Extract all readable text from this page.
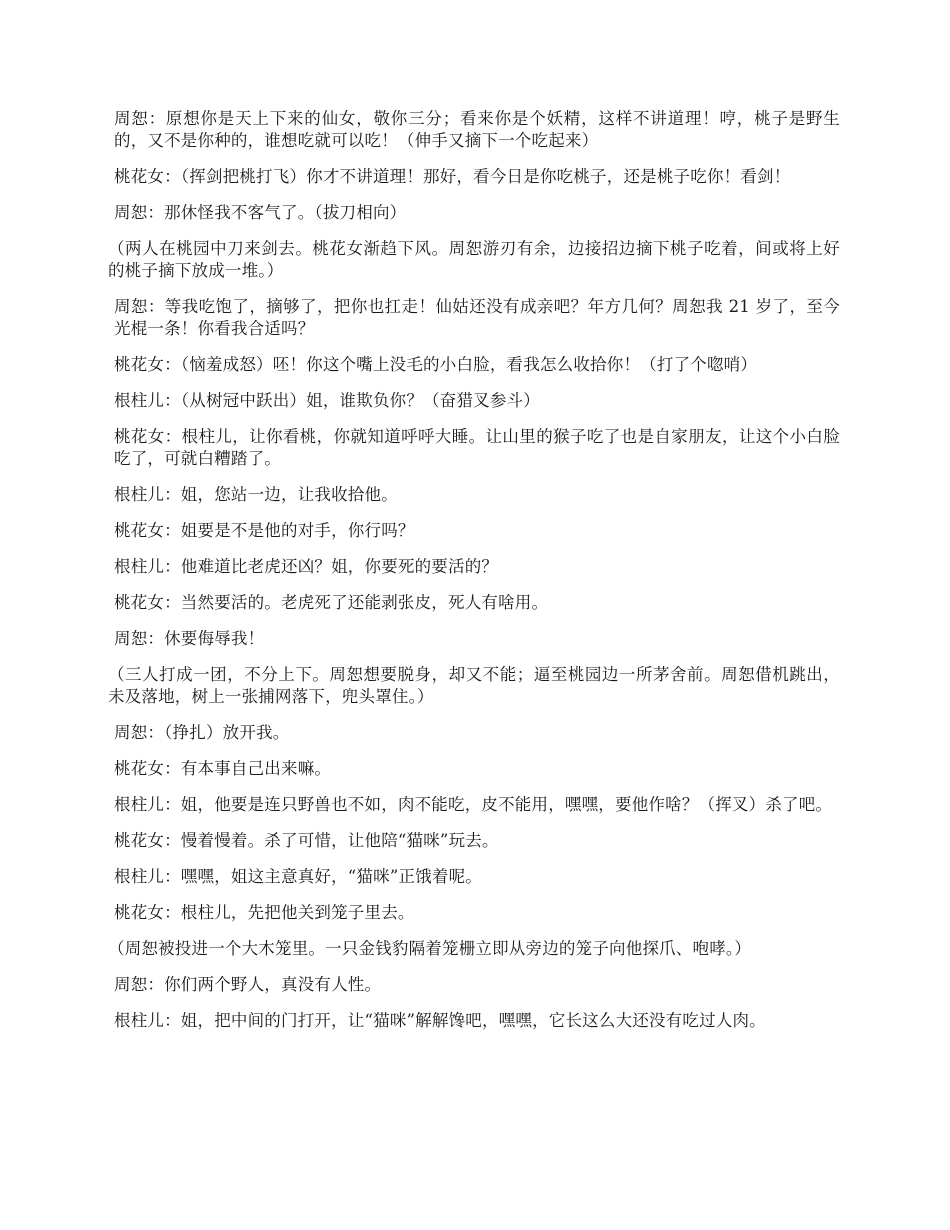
周恕：原想你是天上下来的仙女，敬你三分；看来你是个妖精，这样不讲道理！哼，桃子是野生的，又不是你种的，谁想吃就可以吃！（伸手又摘下一个吃起来）

桃花女：（挥剑把桃打飞）你才不讲道理！那好，看今日是你吃桃子，还是桃子吃你！看剑！

周恕：那休怪我不客气了。（拔刀相向）

（两人在桃园中刀来剑去。桃花女渐趋下风。周恕游刃有余，边接招边摘下桃子吃着，间或将上好的桃子摘下放成一堆。）

周恕：等我吃饱了，摘够了，把你也扛走！仙姑还没有成亲吧？年方几何？周恕我 21 岁了，至今光棍一条！你看我合适吗？

桃花女：（恼羞成怒）呸！你这个嘴上没毛的小白脸，看我怎么收拾你！（打了个唿哨）

根柱儿：（从树冠中跃出）姐，谁欺负你？（奋猎叉参斗）

桃花女：根柱儿，让你看桃，你就知道呼呼大睡。让山里的猴子吃了也是自家朋友，让这个小白脸吃了，可就白糟踏了。

根柱儿：姐，您站一边，让我收拾他。

桃花女：姐要是不是他的对手，你行吗？

根柱儿：他难道比老虎还凶？姐，你要死的要活的？

桃花女：当然要活的。老虎死了还能剥张皮，死人有啥用。

周恕：休要侮辱我！

（三人打成一团，不分上下。周恕想要脱身，却又不能；逼至桃园边一所茅舍前。周恕借机跳出，未及落地，树上一张捕网落下，兜头罩住。）

周恕：（挣扎）放开我。

桃花女：有本事自己出来嘛。

根柱儿：姐，他要是连只野兽也不如，肉不能吃，皮不能用，嘿嘿，要他作啥？（挥叉）杀了吧。

桃花女：慢着慢着。杀了可惜，让他陪“猫咪”玩去。

根柱儿：嘿嘿，姐这主意真好，“猫咪”正饿着呢。

桃花女：根柱儿，先把他关到笼子里去。

（周恕被投进一个大木笼里。一只金钱豹隔着笼栅立即从旁边的笼子向他探爪、咆哮。）

周恕：你们两个野人，真没有人性。

根柱儿：姐，把中间的门打开，让“猫咪”解解馋吧，嘿嘿，它长这么大还没有吃过人肉。
